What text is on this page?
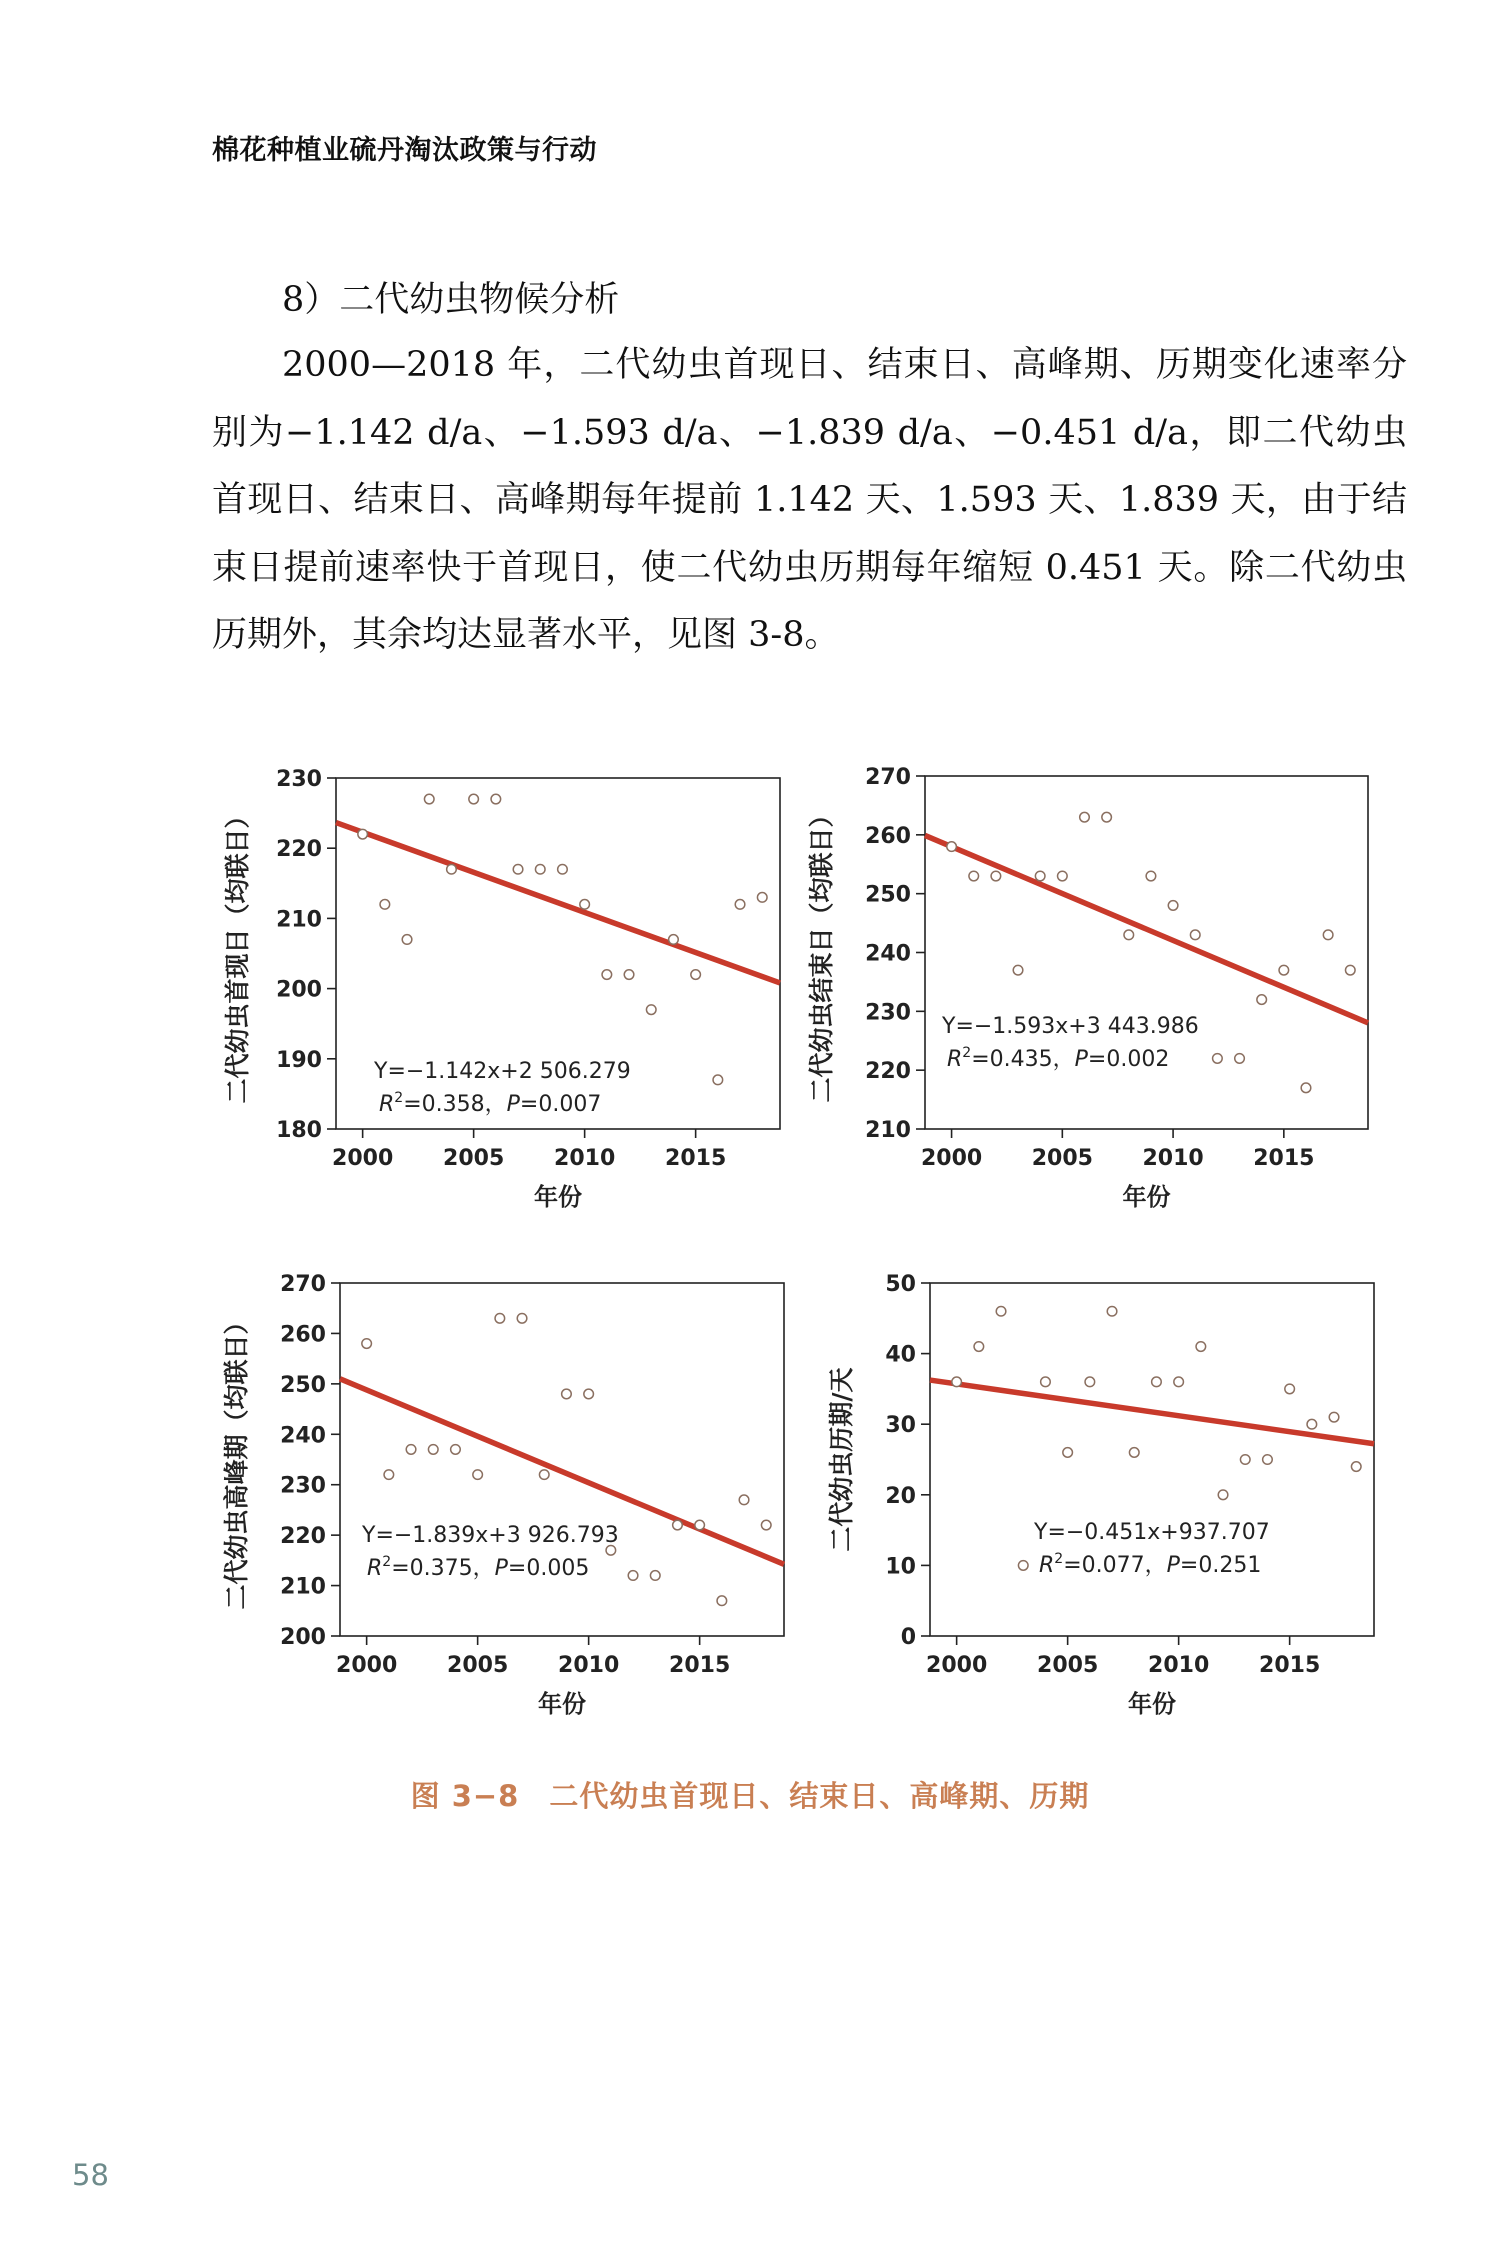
棉花种植业硫丹淘汰政策与行动
8）二代幼虫物候分析
2000—2018 年，二代幼虫首现日、结束日、高峰期、历期变化速率分别为−1.142 d/a、−1.593 d/a、−1.839 d/a、−0.451 d/a，即二代幼虫首现日、结束日、高峰期每年提前 1.142 天、1.593 天、1.839 天，由于结束日提前速率快于首现日，使二代幼虫历期每年缩短 0.451 天。除二代幼虫历期外，其余均达显著水平，见图 3-8。
180
190
200
210
220
230
2000 2005 2010 2015
年份
二代幼虫首现日（均联日）	Y=−1.142x+2 506.279
$R^2=0.358$，P=0.007
210
220
230
240
250
260
270
2000 2005 2010 2015
年份
二代幼虫结束日（均联日）	Y=−1.593x+3 443.986
$R^2=0.435$，P=0.002
200
210
220
230
240
250
260
270
2000 2005 2010 2015
年份
二代幼虫高峰期（均联日）	Y=−1.839x+3 926.793
$R^2=0.375$，P=0.005
0
10
20
30
40
50
2000 2005 2010 2015
年份
二代幼虫历期/天	Y=−0.451x+937.707
$R^2=0.077$，P=0.251
图 3−8 二代幼虫首现日、结束日、高峰期、历期
58
